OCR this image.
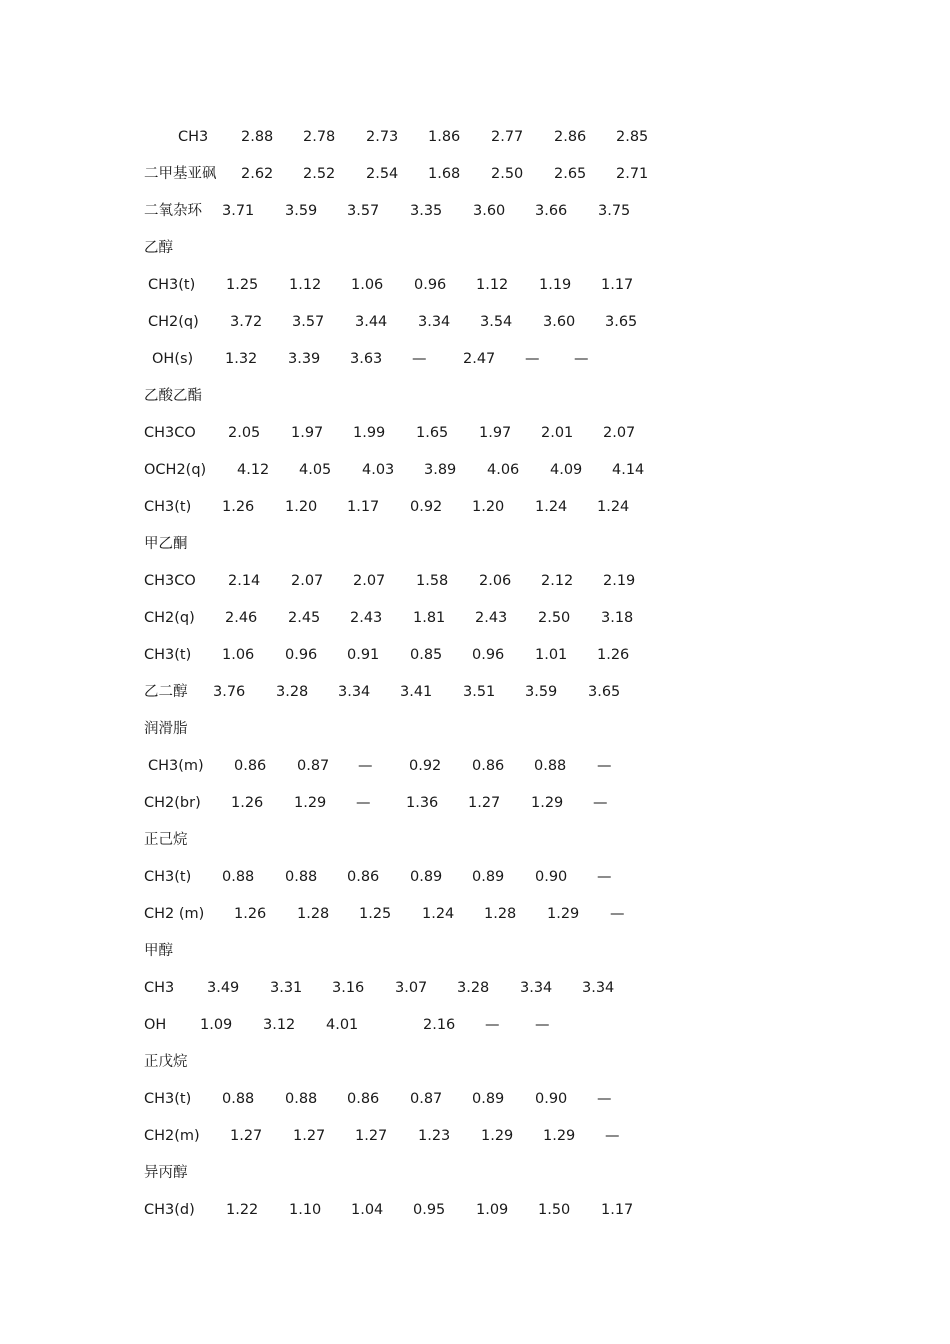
CH3 2.88 2.78 2.73 1.86 2.77 2.86 2.85
二甲基亚砜 2.62 2.52 2.54 1.68 2.50 2.65 2.71
二氧杂环 3.71 3.59 3.57 3.35 3.60 3.66 3.75
乙醇
CH3(t) 1.25 1.12 1.06 0.96 1.12 1.19 1.17
CH2(q) 3.72 3.57 3.44 3.34 3.54 3.60 3.65
OH(s) 1.32 3.39 3.63 —	2.47 — —
乙酸乙酯
CH3CO 2.05 1.97 1.99 1.65 1.97 2.01 2.07
OCH2(q) 4.12 4.05 4.03 3.89 4.06 4.09 4.14
CH3(t) 1.26 1.20 1.17 0.92 1.20 1.24 1.24
甲乙酮
CH3CO 2.14 2.07 2.07 1.58 2.06 2.12 2.19
CH2(q) 2.46 2.45 2.43 1.81 2.43 2.50 3.18
CH3(t) 1.06 0.96 0.91 0.85 0.96 1.01 1.26
乙二醇 3.76 3.28 3.34 3.41 3.51 3.59 3.65
润滑脂
CH3(m) 0.86 0.87 —	0.92 0.86 0.88 —
CH2(br) 1.26 1.29 — 1.36 1.27 1.29 —
正己烷
CH3(t) 0.88 0.88 0.86 0.89 0.89 0.90 —
CH2 (m) 1.26 1.28 1.25 1.24 1.28 1.29 —
甲醇
CH3 3.49 3.31 3.16 3.07 3.28 3.34 3.34
OH 1.09 3.12 4.01	2.16 — —
正戊烷
CH3(t) 0.88 0.88 0.86 0.87 0.89 0.90 —
CH2(m) 1.27 1.27 1.27 1.23 1.29 1.29 —
异丙醇
CH3(d) 1.22 1.10 1.04 0.95 1.09 1.50 1.17
